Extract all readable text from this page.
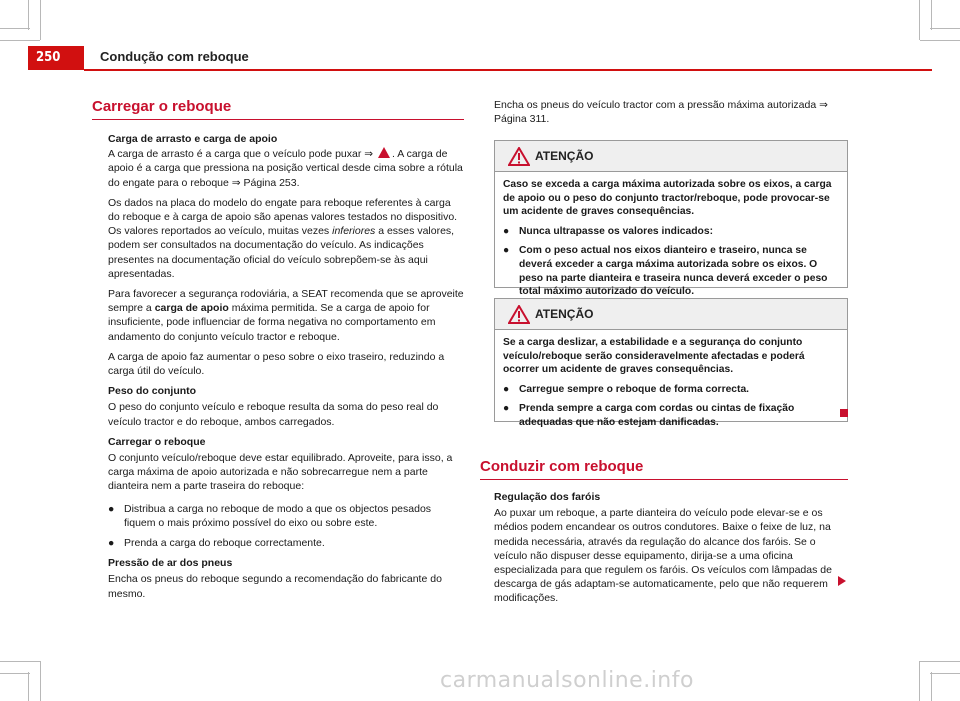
250	Condução com reboque
Carregar o reboque

Carga de arrasto e carga de apoio

A carga de arrasto é a carga que o veículo pode puxar ⇒ . A carga de apoio é a carga que pressiona na posição vertical desde cima sobre a rótula do engate para o reboque ⇒ Página 253.

Os dados na placa do modelo do engate para reboque referentes à carga do reboque e à carga de apoio são apenas valores testados no dispositivo. Os valores reportados ao veículo, muitas vezes inferiores a esses valores, podem ser consultados na documentação do veículo. As indicações presentes na documentação oficial do veículo sobrepõem-se às aqui apresentadas.

Para favorecer a segurança rodoviária, a SEAT recomenda que se aproveite sempre a carga de apoio máxima permitida. Se a carga de apoio for insuficiente, pode influenciar de forma negativa no comportamento em andamento do conjunto veículo tractor e reboque.

A carga de apoio faz aumentar o peso sobre o eixo traseiro, reduzindo a carga útil do veículo.

Peso do conjunto

O peso do conjunto veículo e reboque resulta da soma do peso real do veículo tractor e do reboque, ambos carregados.

Carregar o reboque

O conjunto veículo/reboque deve estar equilibrado. Aproveite, para isso, a carga máxima de apoio autorizada e não sobrecarregue nem a parte dianteira nem a parte traseira do reboque:

● Distribua a carga no reboque de modo a que os objectos pesados fiquem o mais próximo possível do eixo ou sobre este.
● Prenda a carga do reboque correctamente.

Pressão de ar dos pneus

Encha os pneus do reboque segundo a recomendação do fabricante do mesmo.

Encha os pneus do veículo tractor com a pressão máxima autorizada ⇒ Página 311.

ATENÇÃO

Caso se exceda a carga máxima autorizada sobre os eixos, a carga de apoio ou o peso do conjunto tractor/reboque, pode provocar-se um acidente de graves consequências.

● Nunca ultrapasse os valores indicados:
● Com o peso actual nos eixos dianteiro e traseiro, nunca se deverá exceder a carga máxima autorizada sobre os eixos. O peso na parte dianteira e traseira nunca deverá exceder o peso total máximo autorizado do veículo.
ATENÇÃO

Se a carga deslizar, a estabilidade e a segurança do conjunto veículo/reboque serão consideravelmente afectadas e poderá ocorrer um acidente de graves consequências.

● Carregue sempre o reboque de forma correcta.
● Prenda sempre a carga com cordas ou cintas de fixação adequadas que não estejam danificadas.
Conduzir com reboque

Regulação dos faróis

Ao puxar um reboque, a parte dianteira do veículo pode elevar-se e os médios podem encandear os outros condutores. Baixe o feixe de luz, na medida necessária, através da regulação do alcance dos faróis. Se o veículo não dispuser desse equipamento, dirija-se a uma oficina especializada para que regulem os faróis. Os veículos com lâmpadas de descarga de gás adaptam-se automaticamente, pelo que não requerem modificações.

carmanualsonline.info
